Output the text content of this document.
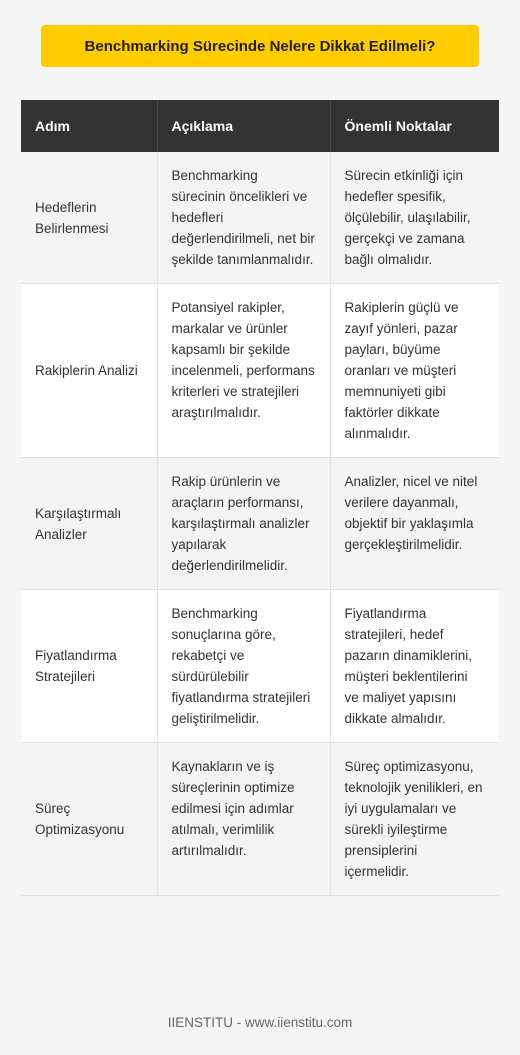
Benchmarking Sürecinde Nelere Dikkat Edilmeli?
Adım	Açıklama	Önemli Noktalar
Hedeflerin Belirlenmesi	Benchmarking sürecinin öncelikleri ve hedefleri değerlendirilmeli, net bir şekilde tanımlanmalıdır.	Sürecin etkinliği için hedefler spesifik, ölçülebilir, ulaşılabilir, gerçekçi ve zamana bağlı olmalıdır.
Rakiplerin Analizi	Potansiyel rakipler, markalar ve ürünler kapsamlı bir şekilde incelenmeli, performans kriterleri ve stratejileri araştırılmalıdır.	Rakiplerin güçlü ve zayıf yönleri, pazar payları, büyüme oranları ve müşteri memnuniyeti gibi faktörler dikkate alınmalıdır.
Karşılaştırmalı Analizler	Rakip ürünlerin ve araçların performansı, karşılaştırmalı analizler yapılarak değerlendirilmelidir.	Analizler, nicel ve nitel verilere dayanmalı, objektif bir yaklaşımla gerçekleştirilmelidir.
Fiyatlandırma Stratejileri	Benchmarking sonuçlarına göre, rekabetçi ve sürdürülebilir fiyatlandırma stratejileri geliştirilmelidir.	Fiyatlandırma stratejileri, hedef pazarın dinamiklerini, müşteri beklentilerini ve maliyet yapısını dikkate almalıdır.
Süreç Optimizasyonu	Kaynakların ve iş süreçlerinin optimize edilmesi için adımlar atılmalı, verimlilik artırılmalıdır.	Süreç optimizasyonu, teknolojik yenilikleri, en iyi uygulamaları ve sürekli iyileştirme prensiplerini içermelidir.
IIENSTITU - www.iienstitu.com
